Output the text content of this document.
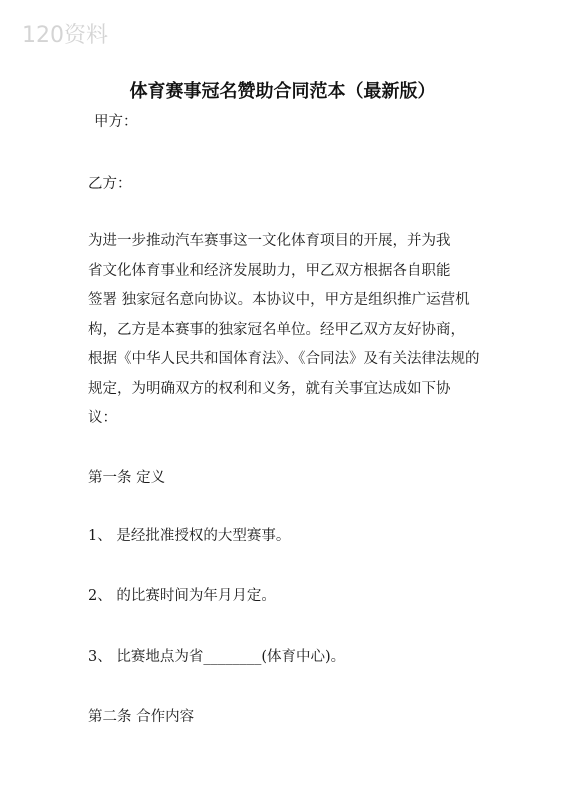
120资料
体育赛事冠名赞助合同范本（最新版）
甲方：
乙方：
为进一步推动汽车赛事这一文化体育项目的开展，并为我
省文化体育事业和经济发展助力，甲乙双方根据各自职能
签署 独家冠名意向协议。本协议中，甲方是组织推广运营机
构，乙方是本赛事的独家冠名单位。经甲乙双方友好协商，
根据《中华人民共和国体育法》、《合同法》及有关法律法规的
规定，为明确双方的权利和义务，就有关事宜达成如下协
议：
第一条 定义
1、 是经批准授权的大型赛事。
2、 的比赛时间为年月月定。
3、 比赛地点为省________(体育中心)。
第二条 合作内容
